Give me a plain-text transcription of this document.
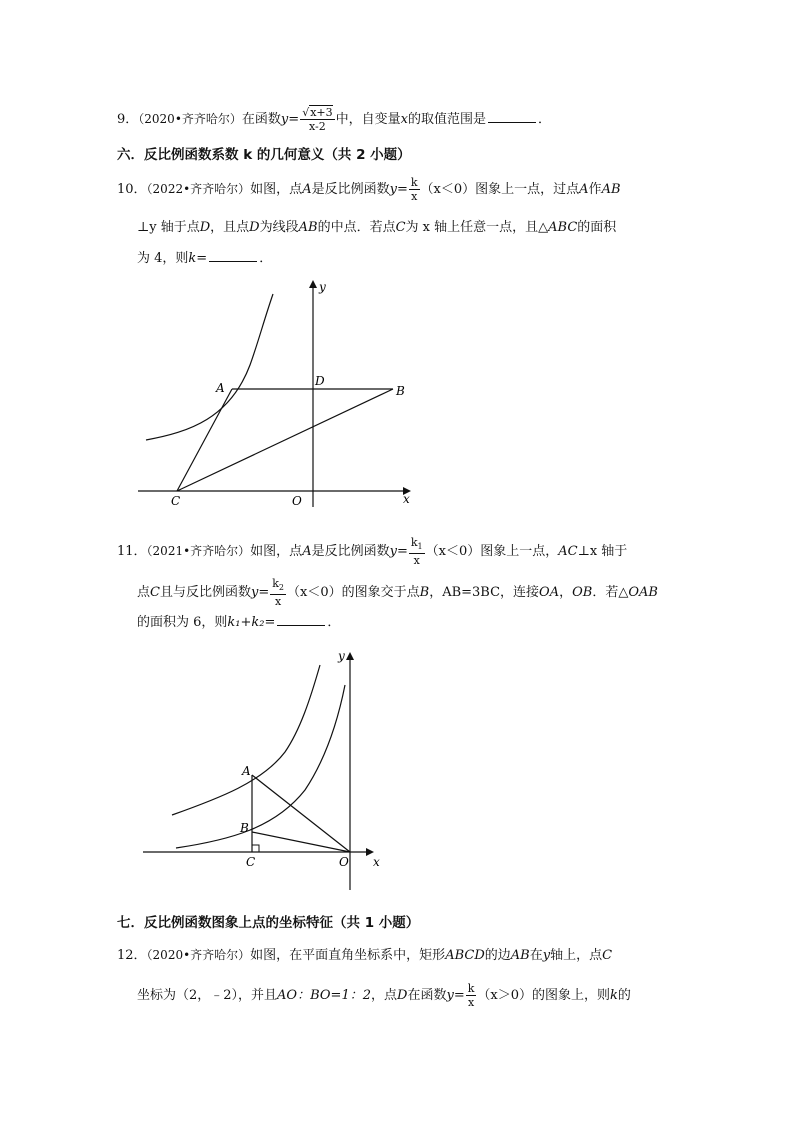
9．（2020•齐齐哈尔）在函数$y= \frac{√x+3}{x-2}$ 中，自变量x的取值范围是	．
六．反比例函数系数 k 的几何意义（共 2 小题）
10．（2022•齐齐哈尔）如图，点A是反比例函数$y= \frac{k}{x} (x<0)$图象上一点，过点A作AB
⊥y 轴于点D，且点D为线段AB的中点．若点C为 x 轴上任意一点，且△ABC的面积
为 4，则k=	．
A	D
B
C	O	x
y
11．（2021•齐齐哈尔）如图，点A是反比例函数$y= \frac{k_1}{x} (x<0)$图象上一点，AC⊥x 轴于
点C且与反比例函数$y= \frac{k_2}{x} (x<0)$的图象交于点B，AB=3BC，连接OA，OB．若△OAB
的面积为 6，则k₁+k₂=	．
A
B
C	O x
y
七．反比例函数图象上点的坐标特征（共 1 小题）
12．（2020•齐齐哈尔）如图，在平面直角坐标系中，矩形ABCD的边AB在y轴上，点C
坐标为（2，﹣2），并且AO：BO=1：2，点D在函数$y= \frac{k}{x} (x>0)$的图象上，则k的
